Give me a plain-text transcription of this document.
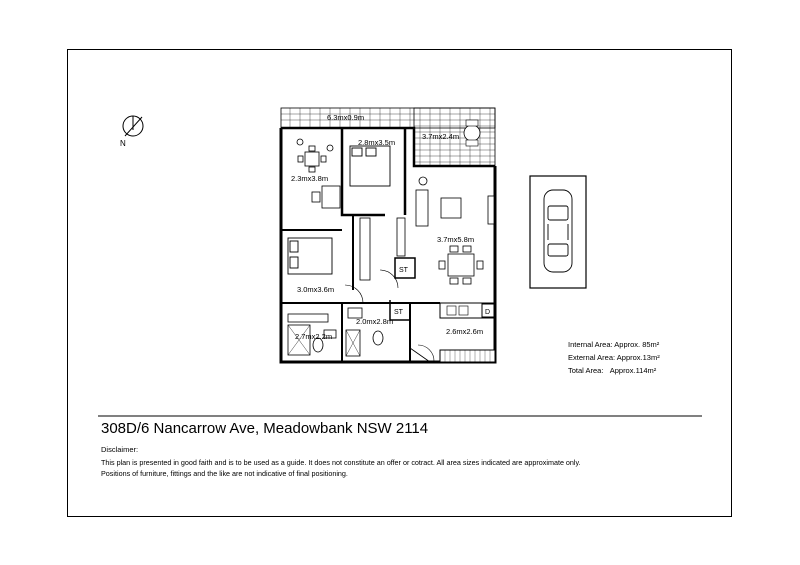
N
D
6.3mx0.9m
3.7mx2.4m
2.8mx3.5m
2.3mx3.8m
3.7mx5.8m
3.0mx3.6m
2.7mx2.2m
2.0mx2.8m
2.6mx2.6m
ST
ST
Internal Area: Approx. 85m²
External Area: Approx.13m²
Total Area: Approx.114m²
308D/6 Nancarrow Ave, Meadowbank NSW 2114
Disclaimer:
This plan is presented in good faith and is to be used as a guide. It does not constitute an offer or cotract. All area sizes indicated are approximate only.
Positions of furniture, fittings and the like are not indicative of final positioning.
